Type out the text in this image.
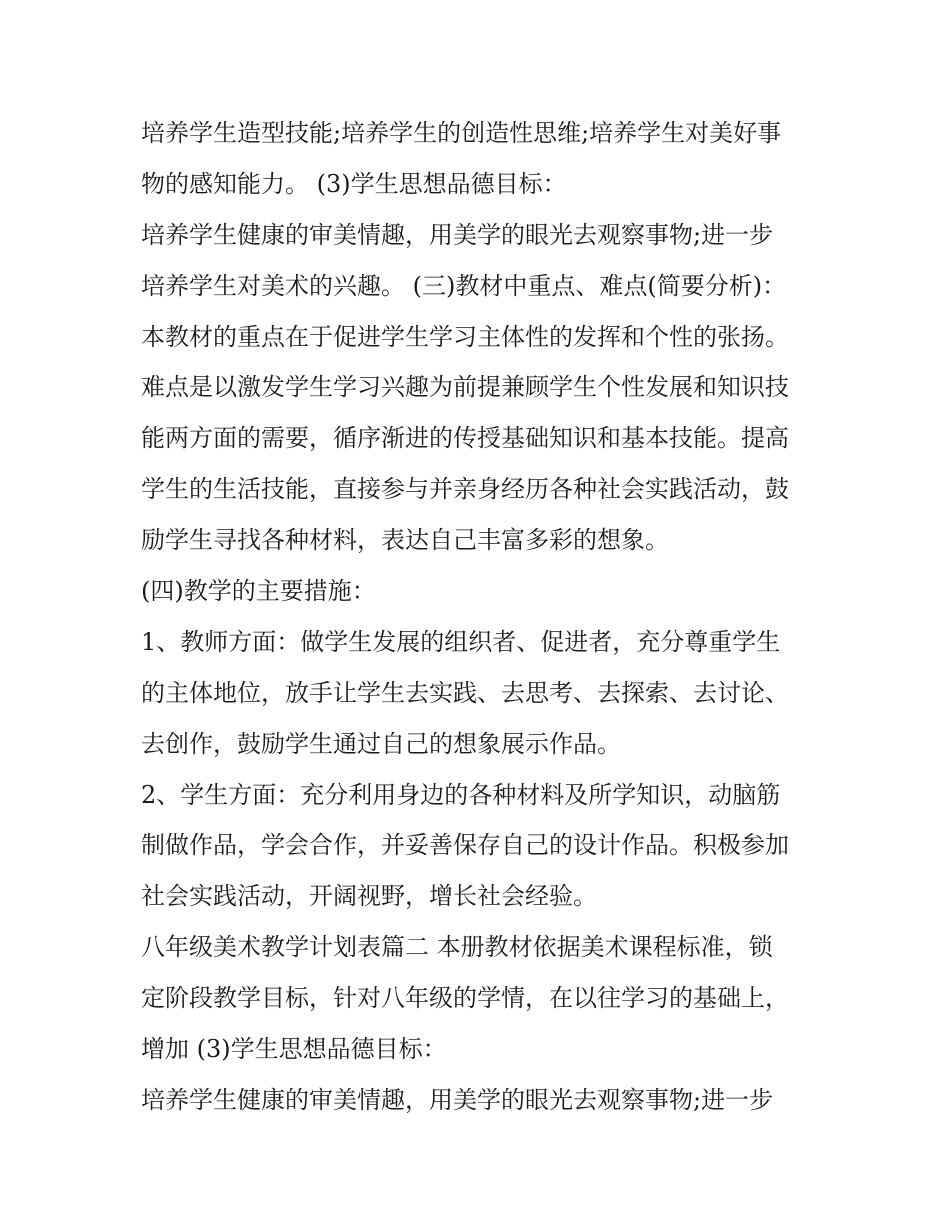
培养学生造型技能;培养学生的创造性思维;培养学生对美好事
物的感知能力。 (3)学生思想品德目标：
培养学生健康的审美情趣，用美学的眼光去观察事物;进一步
培养学生对美术的兴趣。 (三)教材中重点、难点(简要分析)：
本教材的重点在于促进学生学习主体性的发挥和个性的张扬。
难点是以激发学生学习兴趣为前提兼顾学生个性发展和知识技
能两方面的需要，循序渐进的传授基础知识和基本技能。提高
学生的生活技能，直接参与并亲身经历各种社会实践活动，鼓
励学生寻找各种材料，表达自己丰富多彩的想象。
(四)教学的主要措施：
1、教师方面：做学生发展的组织者、促进者，充分尊重学生
的主体地位，放手让学生去实践、去思考、去探索、去讨论、
去创作，鼓励学生通过自己的想象展示作品。
2、学生方面：充分利用身边的各种材料及所学知识，动脑筋
制做作品，学会合作，并妥善保存自己的设计作品。积极参加
社会实践活动，开阔视野，增长社会经验。
八年级美术教学计划表篇二 本册教材依据美术课程标准，锁
定阶段教学目标，针对八年级的学情，在以往学习的基础上，
增加 (3)学生思想品德目标：
培养学生健康的审美情趣，用美学的眼光去观察事物;进一步
